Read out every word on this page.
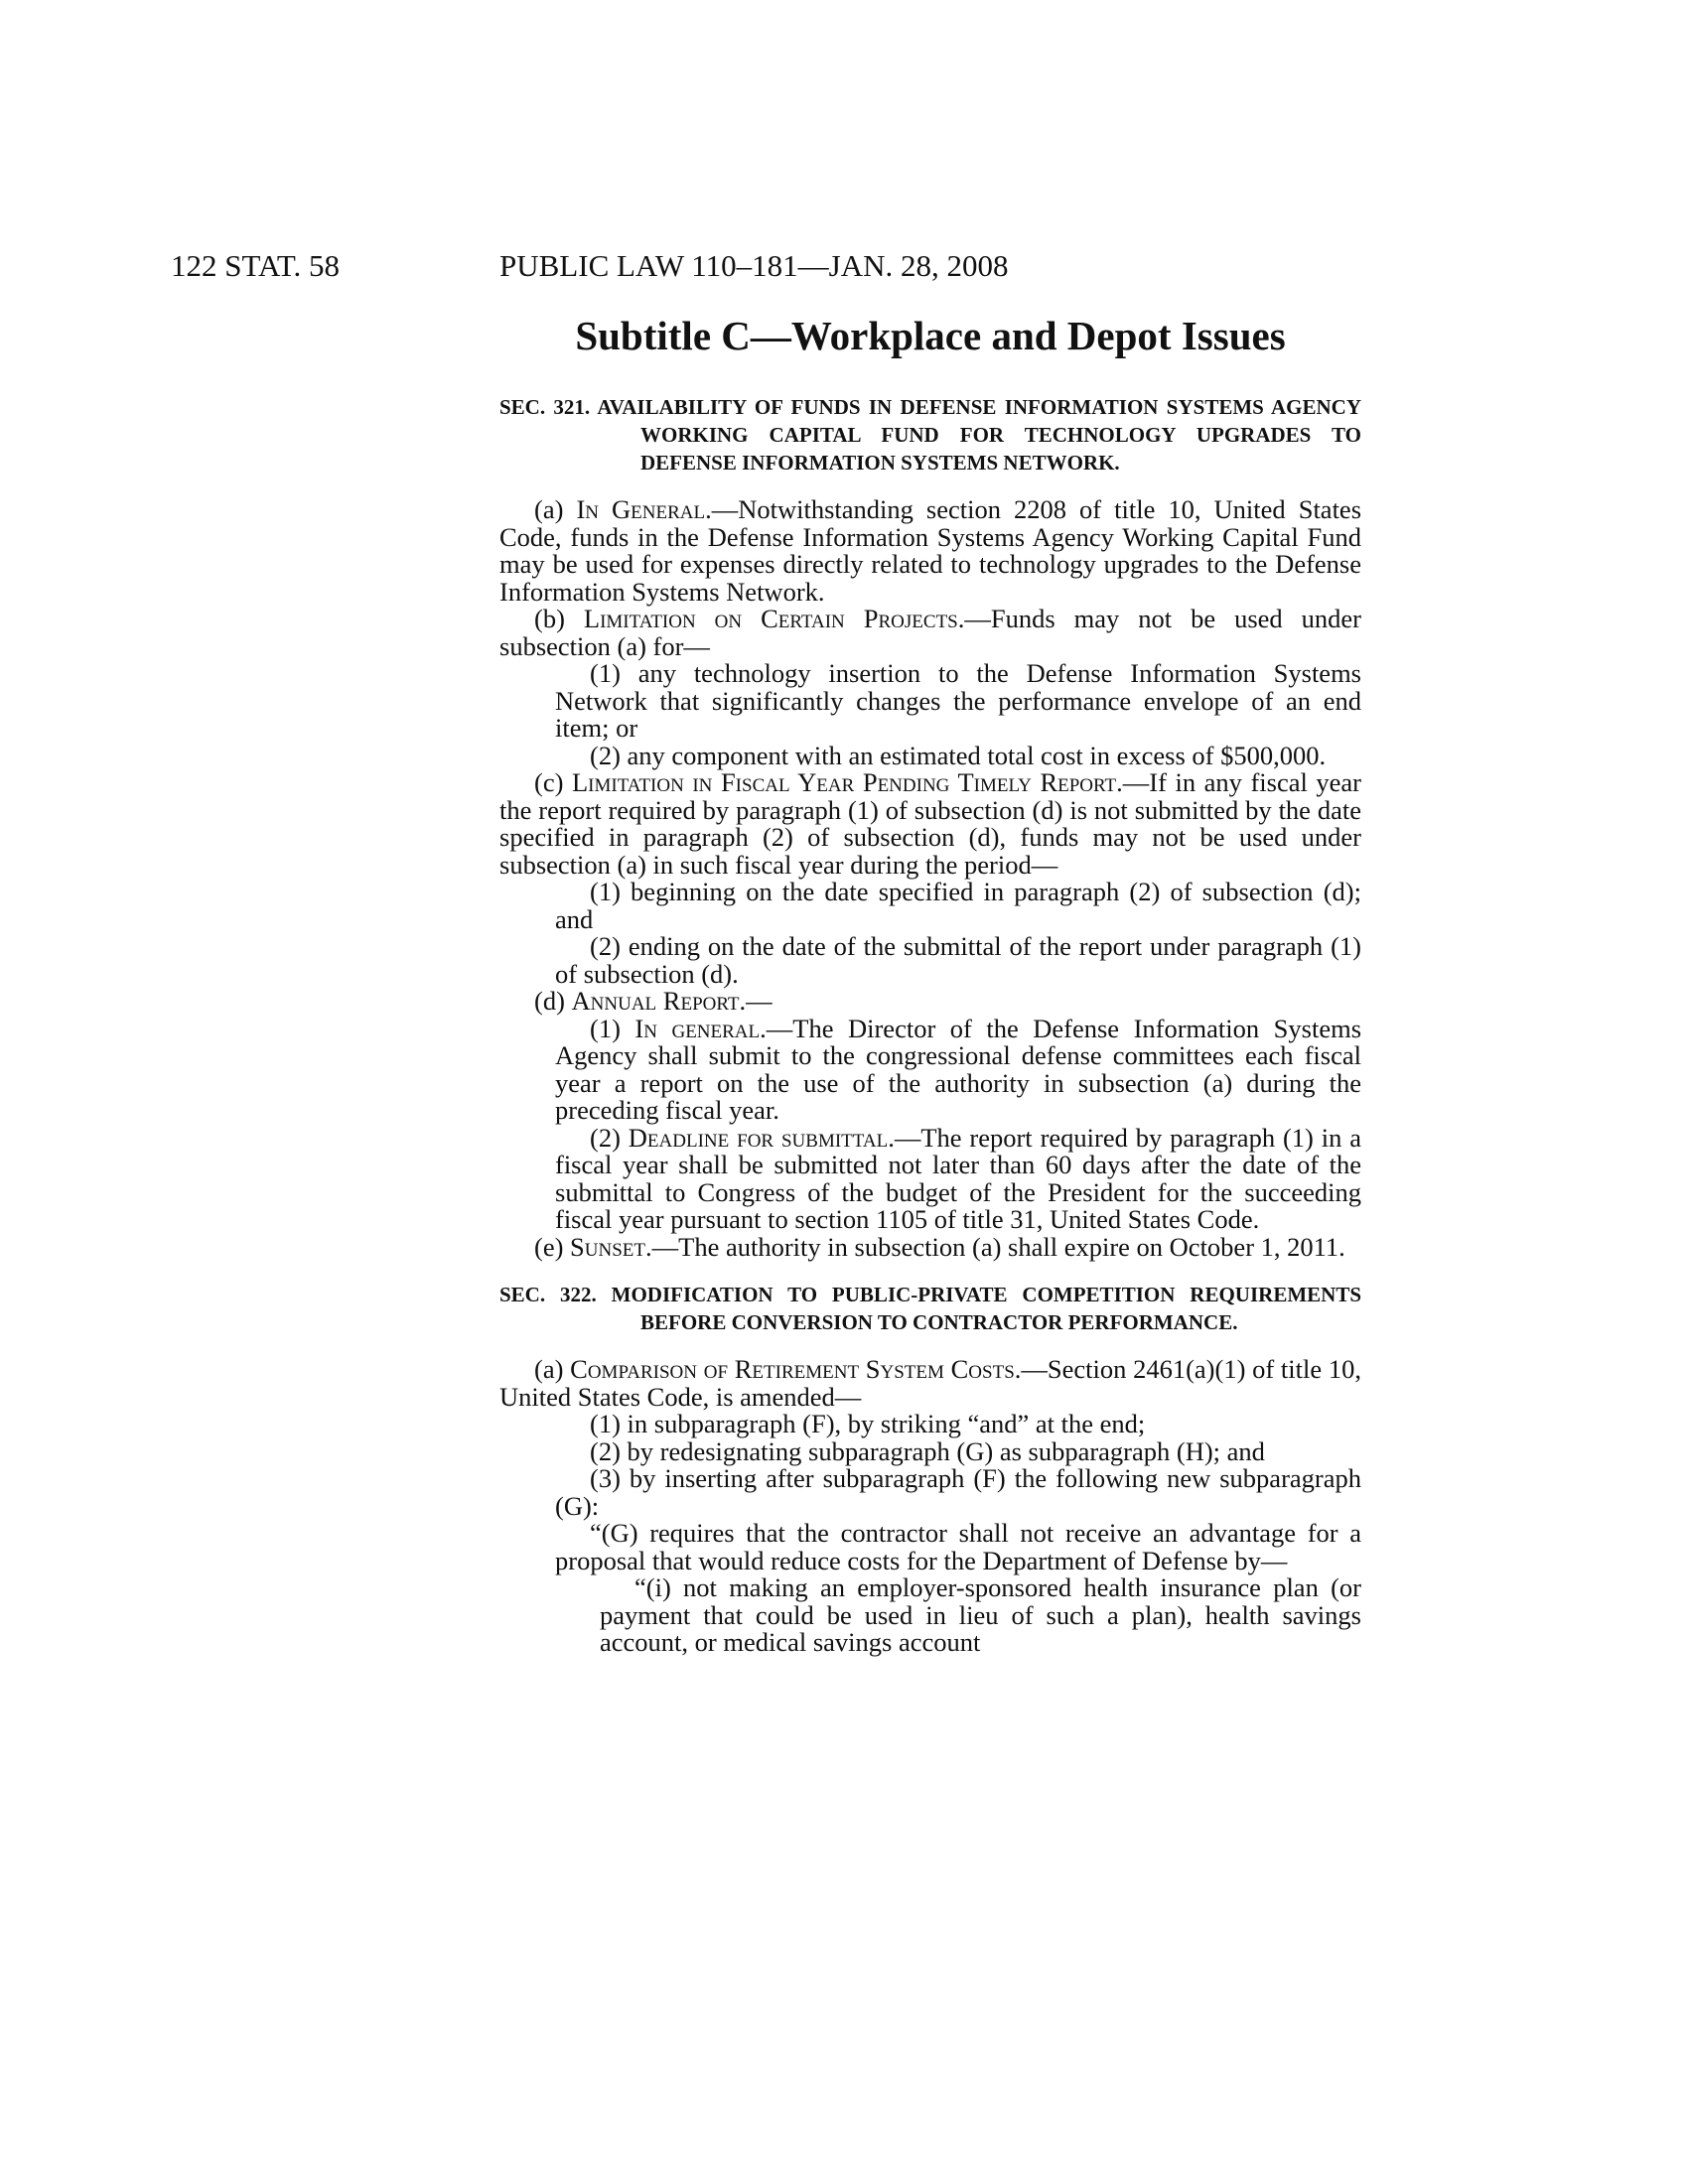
122 STAT. 58	PUBLIC LAW 110–181—JAN. 28, 2008
Subtitle C—Workplace and Depot Issues

SEC. 321. AVAILABILITY OF FUNDS IN DEFENSE INFORMATION SYSTEMS AGENCY WORKING CAPITAL FUND FOR TECHNOLOGY UPGRADES TO DEFENSE INFORMATION SYSTEMS NETWORK.

(a) In General.—Notwithstanding section 2208 of title 10, United States Code, funds in the Defense Information Systems Agency Working Capital Fund may be used for expenses directly related to technology upgrades to the Defense Information Systems Network.

(b) Limitation on Certain Projects.—Funds may not be used under subsection (a) for—

(1) any technology insertion to the Defense Information Systems Network that significantly changes the performance envelope of an end item; or

(2) any component with an estimated total cost in excess of $500,000.

(c) Limitation in Fiscal Year Pending Timely Report.—If in any fiscal year the report required by paragraph (1) of subsection (d) is not submitted by the date specified in paragraph (2) of subsection (d), funds may not be used under subsection (a) in such fiscal year during the period—

(1) beginning on the date specified in paragraph (2) of subsection (d); and

(2) ending on the date of the submittal of the report under paragraph (1) of subsection (d).

(d) Annual Report.—

(1) In general.—The Director of the Defense Information Systems Agency shall submit to the congressional defense committees each fiscal year a report on the use of the authority in subsection (a) during the preceding fiscal year.

(2) Deadline for submittal.—The report required by paragraph (1) in a fiscal year shall be submitted not later than 60 days after the date of the submittal to Congress of the budget of the President for the succeeding fiscal year pursuant to section 1105 of title 31, United States Code.

(e) Sunset.—The authority in subsection (a) shall expire on October 1, 2011.

SEC. 322. MODIFICATION TO PUBLIC-PRIVATE COMPETITION REQUIREMENTS BEFORE CONVERSION TO CONTRACTOR PERFORMANCE.

(a) Comparison of Retirement System Costs.—Section 2461(a)(1) of title 10, United States Code, is amended—

(1) in subparagraph (F), by striking “and” at the end;

(2) by redesignating subparagraph (G) as subparagraph (H); and

(3) by inserting after subparagraph (F) the following new subparagraph (G):

“(G) requires that the contractor shall not receive an advantage for a proposal that would reduce costs for the Department of Defense by—

“(i) not making an employer-sponsored health insurance plan (or payment that could be used in lieu of such a plan), health savings account, or medical savings account
